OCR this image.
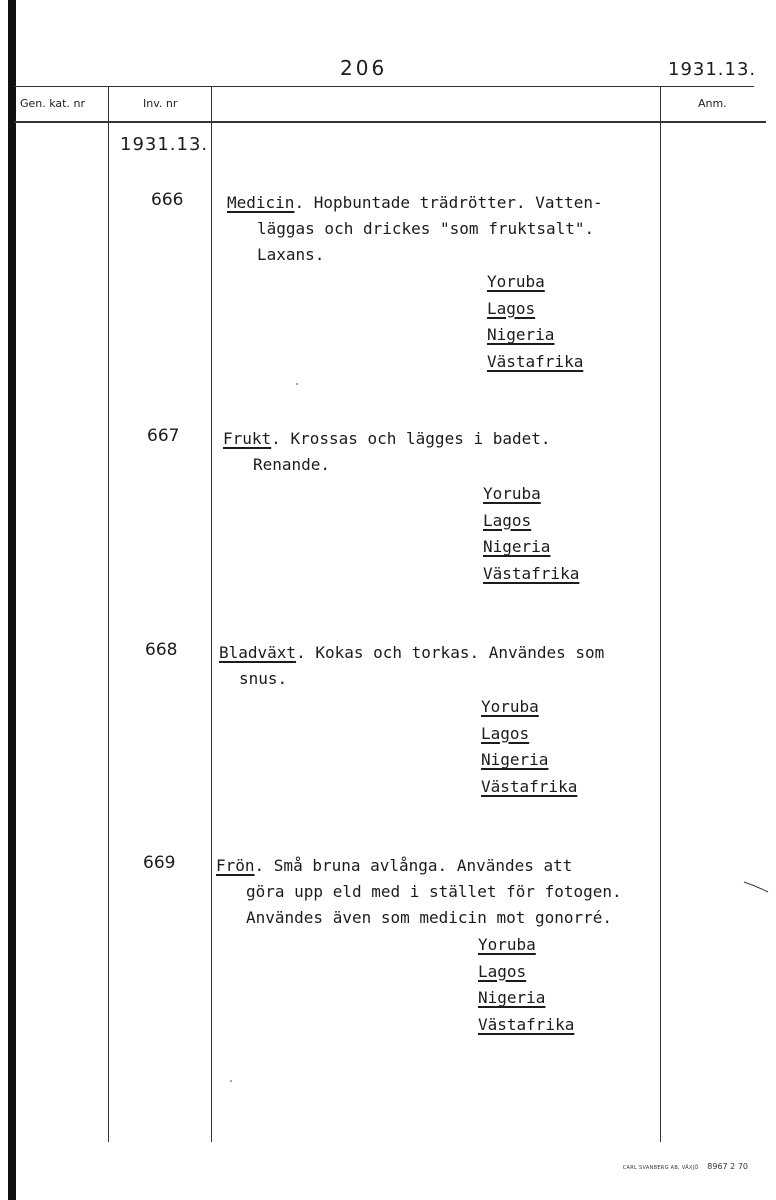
206	1931.13.
Gen. kat. nr	Inv. nr	Anm.
1931.13.
666	Medicin. Hopbuntade trädrötter. Vatten-
läggas och drickes "som fruktsalt".
Laxans.
Yoruba
Lagos
Nigeria
Västafrika
667	Frukt. Krossas och lägges i badet.
Renande.
Yoruba
Lagos
Nigeria
Västafrika
668	Bladväxt. Kokas och torkas. Användes som
snus.
Yoruba
Lagos
Nigeria
Västafrika
669	Frön. Små bruna avlånga. Användes att
göra upp eld med i stället för fotogen.
Användes även som medicin mot gonorré.
Yoruba
Lagos
Nigeria
Västafrika
CARL SVANBERG AB, VÄXJÖ 8967 2 70
